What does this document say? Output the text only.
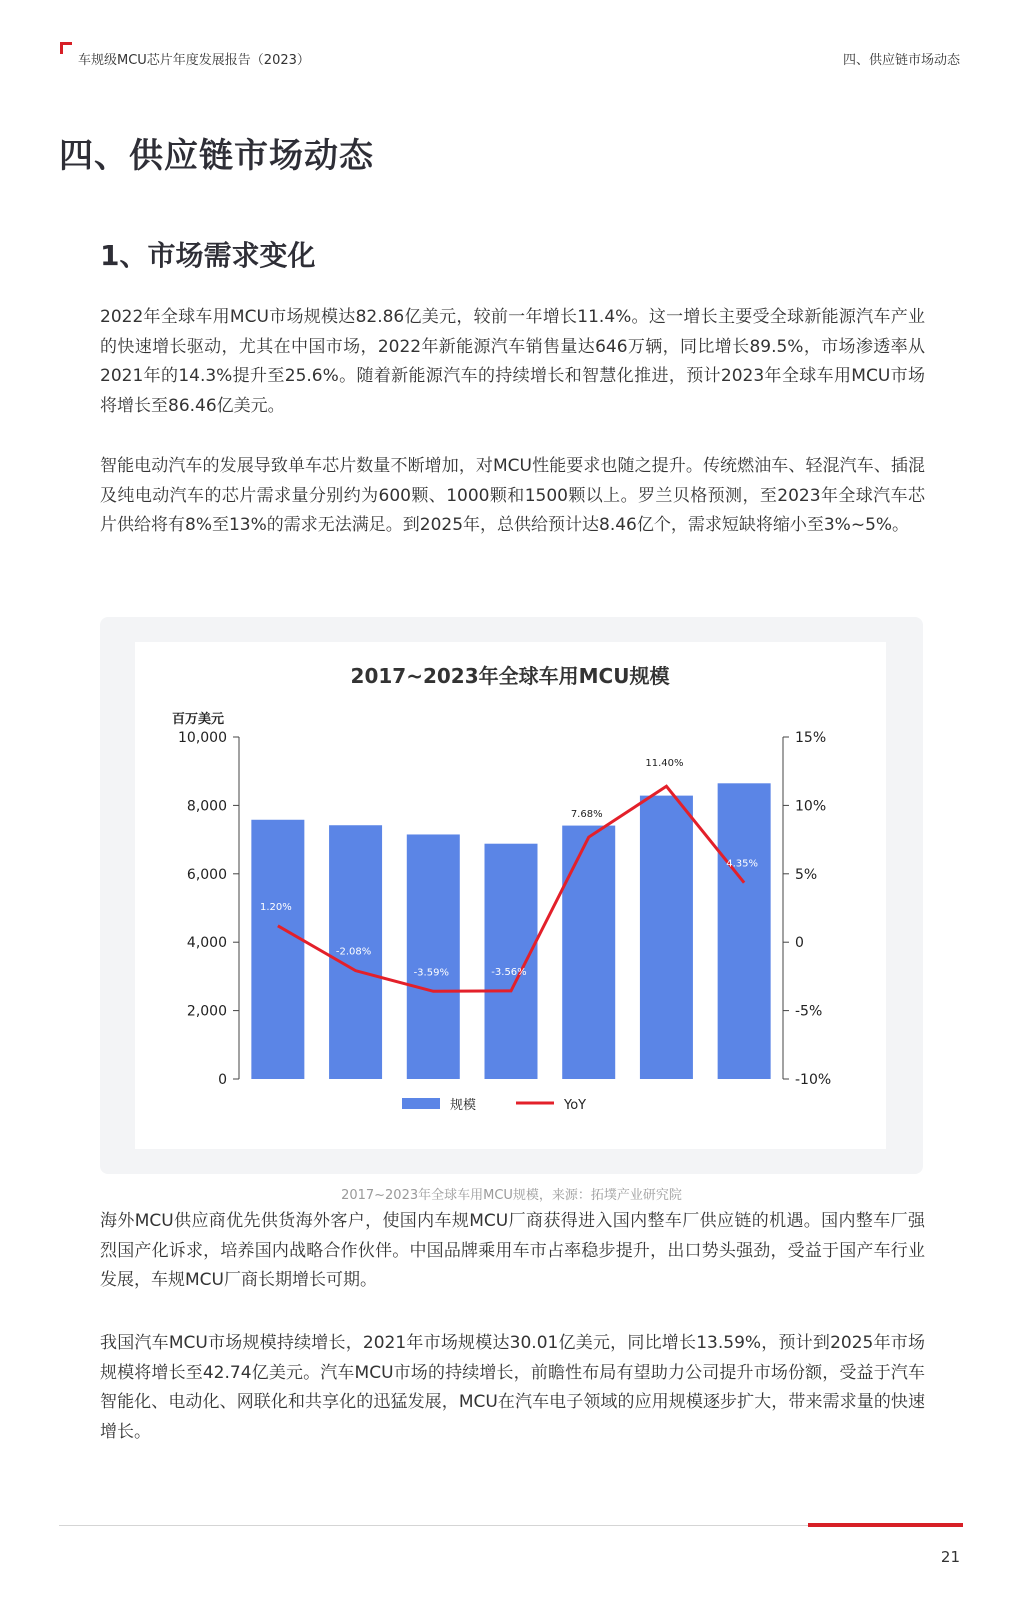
车规级MCU芯片年度发展报告（2023）	四、供应链市场动态
四、供应链市场动态
1、市场需求变化

2022年全球车用MCU市场规模达82.86亿美元，较前一年增长11.4%。这一增长主要受全球新能源汽车产业的快速增长驱动，尤其在中国市场，2022年新能源汽车销售量达646万辆，同比增长89.5%，市场渗透率从2021年的14.3%提升至25.6%。随着新能源汽车的持续增长和智慧化推进，预计2023年全球车用MCU市场将增长至86.46亿美元。

智能电动汽车的发展导致单车芯片数量不断增加，对MCU性能要求也随之提升。传统燃油车、轻混汽车、插混及纯电动汽车的芯片需求量分别约为600颗、1000颗和1500颗以上。罗兰贝格预测，至2023年全球汽车芯片供给将有8%至13%的需求无法满足。到2025年，总供给预计达8.46亿个，需求短缺将缩小至3%~5%。

2017~2023年全球车用MCU规模
百万美元
1.20%
-2.08%
-3.59%	-3.56%
7.68%
11.40%
4.35%
0
2,000
4,000
6,000
8,000
10,000
-10%
-5%
0
5%
10%
15%
规模	YoY
2017~2023年全球车用MCU规模，来源：拓墣产业研究院

海外MCU供应商优先供货海外客户，使国内车规MCU厂商获得进入国内整车厂供应链的机遇。国内整车厂强烈国产化诉求，培养国内战略合作伙伴。中国品牌乘用车市占率稳步提升，出口势头强劲，受益于国产车行业发展，车规MCU厂商长期增长可期。

我国汽车MCU市场规模持续增长，2021年市场规模达30.01亿美元，同比增长13.59%，预计到2025年市场规模将增长至42.74亿美元。汽车MCU市场的持续增长，前瞻性布局有望助力公司提升市场份额，受益于汽车智能化、电动化、网联化和共享化的迅猛发展，MCU在汽车电子领域的应用规模逐步扩大，带来需求量的快速增长。

21
